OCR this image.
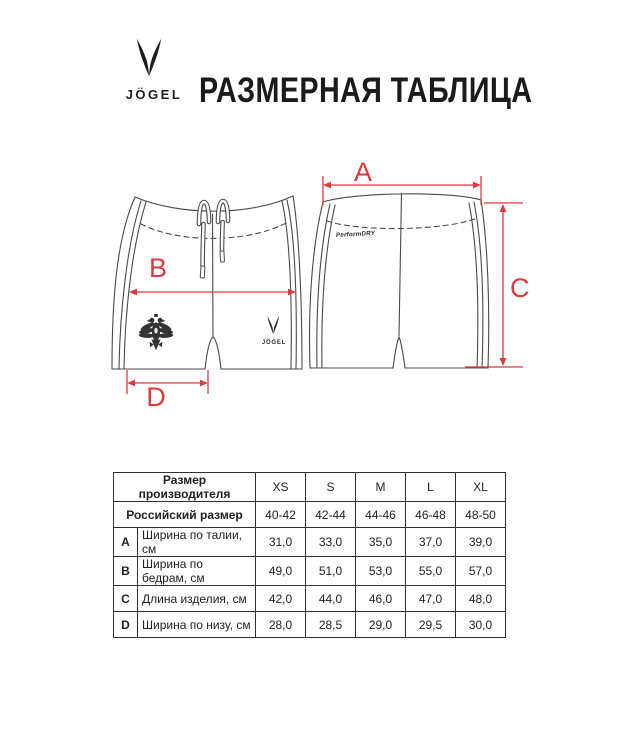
JÖGEL РАЗМЕРНАЯ ТАБЛИЦА
JÖGEL
PerformDRY
A
B
C
D
Размер производителя		XS	S	M	L	XL
Российский размер		40-42	42-44	44-46	46-48	48-50
A	Ширина по талии, см	31,0	33,0	35,0	37,0	39,0
B	Ширина по бедрам, см	49,0	51,0	53,0	55,0	57,0
C	Длина изделия, см	42,0	44,0	46,0	47,0	48,0
D	Ширина по низу, см	28,0	28,5	29,0	29,5	30,0
